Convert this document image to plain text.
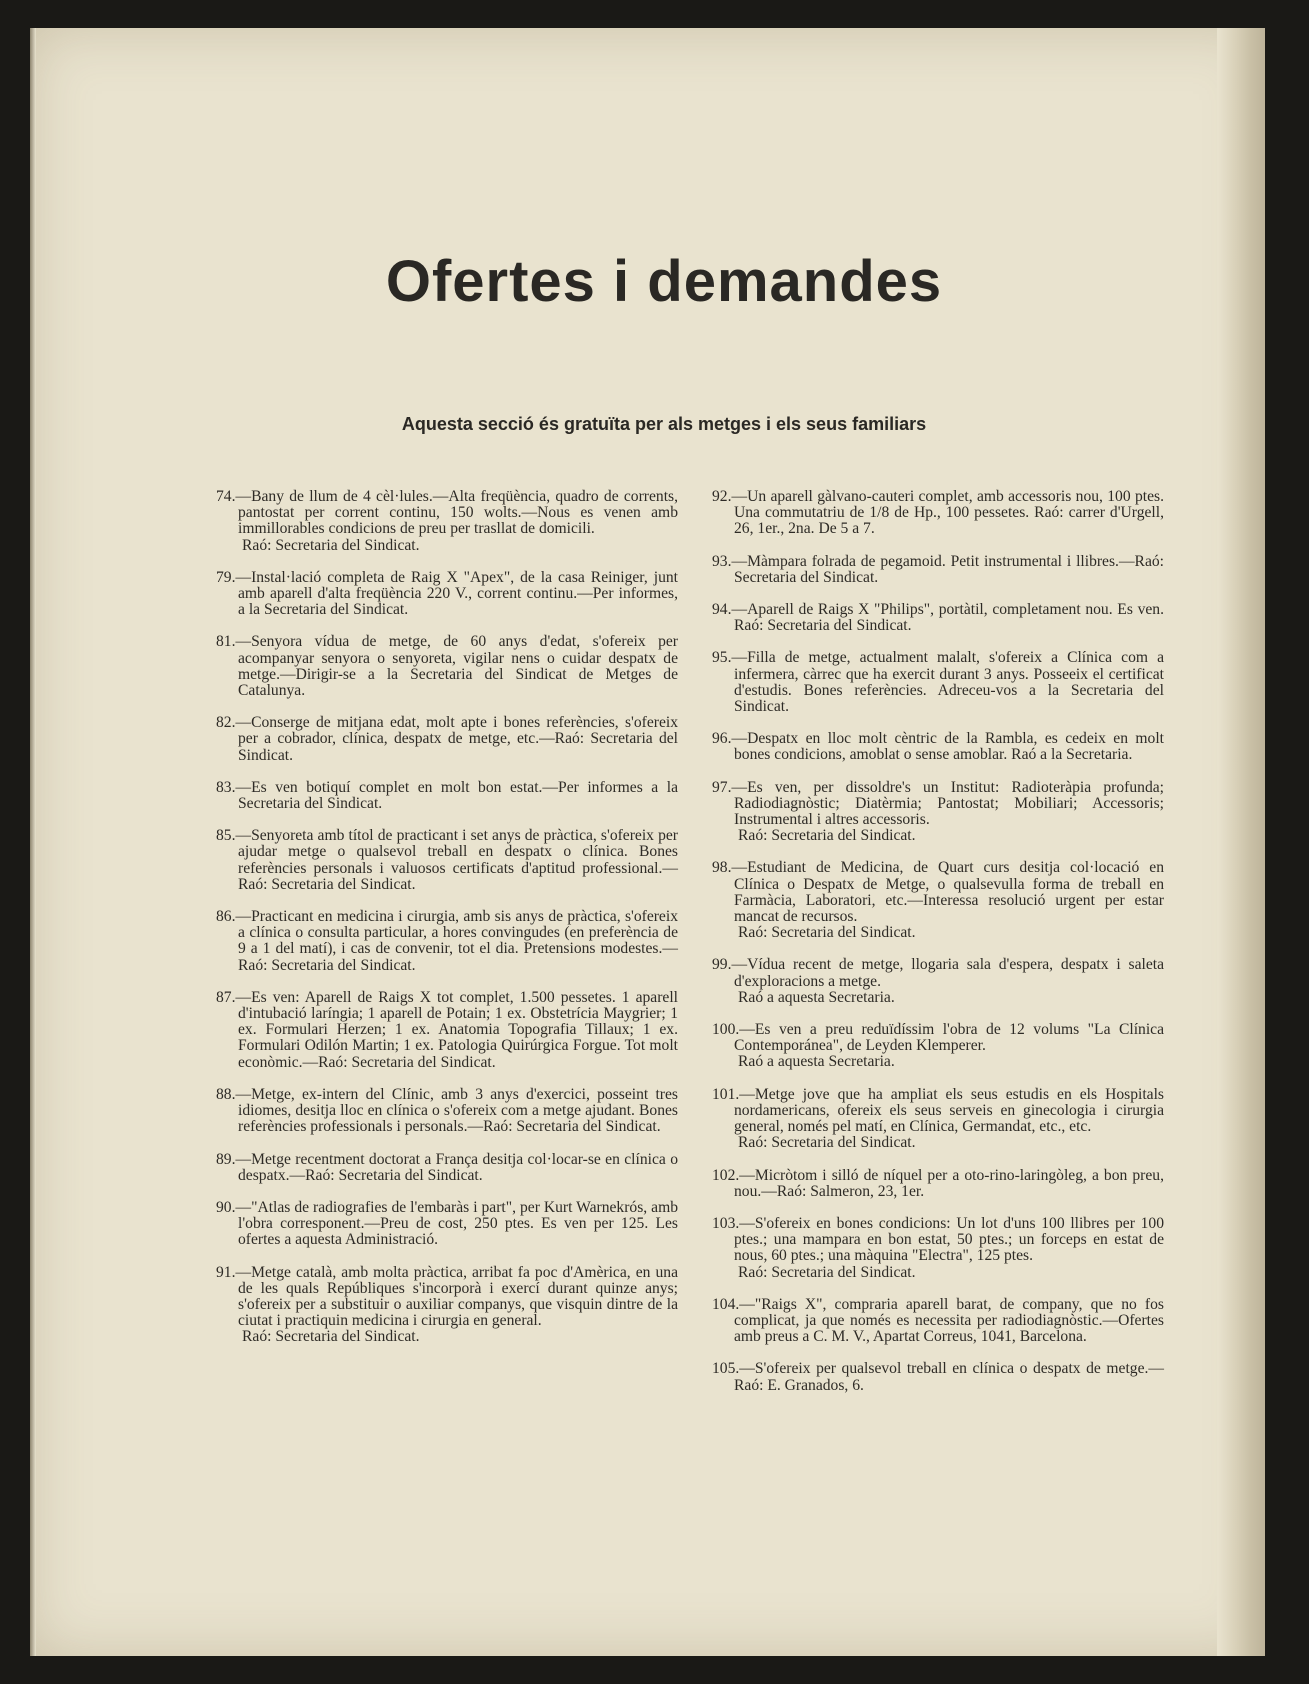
Ofertes i demandes

Aquesta secció és gratuïta per als metges i els seus familiars

74.—Bany de llum de 4 cèl·lules.—Alta freqüència, quadro de corrents, pantostat per corrent continu, 150 wolts.—Nous es venen amb immillorables condicions de preu per trasllat de domicili.
Raó: Secretaria del Sindicat.

79.—Instal·lació completa de Raig X "Apex", de la casa Reiniger, junt amb aparell d'alta freqüència 220 V., corrent continu.—Per informes, a la Secretaria del Sindicat.

81.—Senyora vídua de metge, de 60 anys d'edat, s'ofereix per acompanyar senyora o senyoreta, vigilar nens o cuidar despatx de metge.—Dirigir-se a la Secretaria del Sindicat de Metges de Catalunya.

82.—Conserge de mitjana edat, molt apte i bones referències, s'ofereix per a cobrador, clínica, despatx de metge, etc.—Raó: Secretaria del Sindicat.

83.—Es ven botiquí complet en molt bon estat.—Per informes a la Secretaria del Sindicat.

85.—Senyoreta amb títol de practicant i set anys de pràctica, s'ofereix per ajudar metge o qualsevol treball en despatx o clínica. Bones referències personals i valuosos certificats d'aptitud professional.—Raó: Secretaria del Sindicat.

86.—Practicant en medicina i cirurgia, amb sis anys de pràctica, s'ofereix a clínica o consulta particular, a hores convingudes (en preferència de 9 a 1 del matí), i cas de convenir, tot el dia. Pretensions modestes.—Raó: Secretaria del Sindicat.

87.—Es ven: Aparell de Raigs X tot complet, 1.500 pessetes. 1 aparell d'intubació laríngia; 1 aparell de Potain; 1 ex. Obstetrícia Maygrier; 1 ex. Formulari Herzen; 1 ex. Anatomia Topografia Tillaux; 1 ex. Formulari Odilón Martin; 1 ex. Patologia Quirúrgica Forgue. Tot molt econòmic.—Raó: Secretaria del Sindicat.

88.—Metge, ex-intern del Clínic, amb 3 anys d'exercici, posseint tres idiomes, desitja lloc en clínica o s'ofereix com a metge ajudant. Bones referències professionals i personals.—Raó: Secretaria del Sindicat.

89.—Metge recentment doctorat a França desitja col·locar-se en clínica o despatx.—Raó: Secretaria del Sindicat.

90.—"Atlas de radiografies de l'embaràs i part", per Kurt Warnekrós, amb l'obra corresponent.—Preu de cost, 250 ptes. Es ven per 125. Les ofertes a aquesta Administració.

91.—Metge català, amb molta pràctica, arribat fa poc d'Amèrica, en una de les quals Repúbliques s'incorporà i exercí durant quinze anys; s'ofereix per a substituir o auxiliar companys, que visquin dintre de la ciutat i practiquin medicina i cirurgia en general.
Raó: Secretaria del Sindicat.

92.—Un aparell gàlvano-cauteri complet, amb accessoris nou, 100 ptes. Una commutatriu de 1/8 de Hp., 100 pessetes. Raó: carrer d'Urgell, 26, 1er., 2na. De 5 a 7.

93.—Màmpara folrada de pegamoid. Petit instrumental i llibres.—Raó: Secretaria del Sindicat.

94.—Aparell de Raigs X "Philips", portàtil, completament nou. Es ven. Raó: Secretaria del Sindicat.

95.—Filla de metge, actualment malalt, s'ofereix a Clínica com a infermera, càrrec que ha exercit durant 3 anys. Posseeix el certificat d'estudis. Bones referències. Adreceu-vos a la Secretaria del Sindicat.

96.—Despatx en lloc molt cèntric de la Rambla, es cedeix en molt bones condicions, amoblat o sense amoblar. Raó a la Secretaria.

97.—Es ven, per dissoldre's un Institut: Radioteràpia profunda; Radiodiagnòstic; Diatèrmia; Pantostat; Mobiliari; Accessoris; Instrumental i altres accessoris.
Raó: Secretaria del Sindicat.

98.—Estudiant de Medicina, de Quart curs desitja col·locació en Clínica o Despatx de Metge, o qualsevulla forma de treball en Farmàcia, Laboratori, etc.—Interessa resolució urgent per estar mancat de recursos.
Raó: Secretaria del Sindicat.

99.—Vídua recent de metge, llogaria sala d'espera, despatx i saleta d'exploracions a metge.
Raó a aquesta Secretaria.

100.—Es ven a preu reduïdíssim l'obra de 12 volums "La Clínica Contemporánea", de Leyden Klemperer.
Raó a aquesta Secretaria.

101.—Metge jove que ha ampliat els seus estudis en els Hospitals nordamericans, ofereix els seus serveis en ginecologia i cirurgia general, només pel matí, en Clínica, Germandat, etc., etc.
Raó: Secretaria del Sindicat.

102.—Micròtom i silló de níquel per a oto-rino-laringòleg, a bon preu, nou.—Raó: Salmeron, 23, 1er.

103.—S'ofereix en bones condicions: Un lot d'uns 100 llibres per 100 ptes.; una mampara en bon estat, 50 ptes.; un forceps en estat de nous, 60 ptes.; una màquina "Electra", 125 ptes.
Raó: Secretaria del Sindicat.

104.—"Raigs X", compraria aparell barat, de company, que no fos complicat, ja que només es necessita per radiodiagnòstic.—Ofertes amb preus a C. M. V., Apartat Correus, 1041, Barcelona.

105.—S'ofereix per qualsevol treball en clínica o despatx de metge.—Raó: E. Granados, 6.
